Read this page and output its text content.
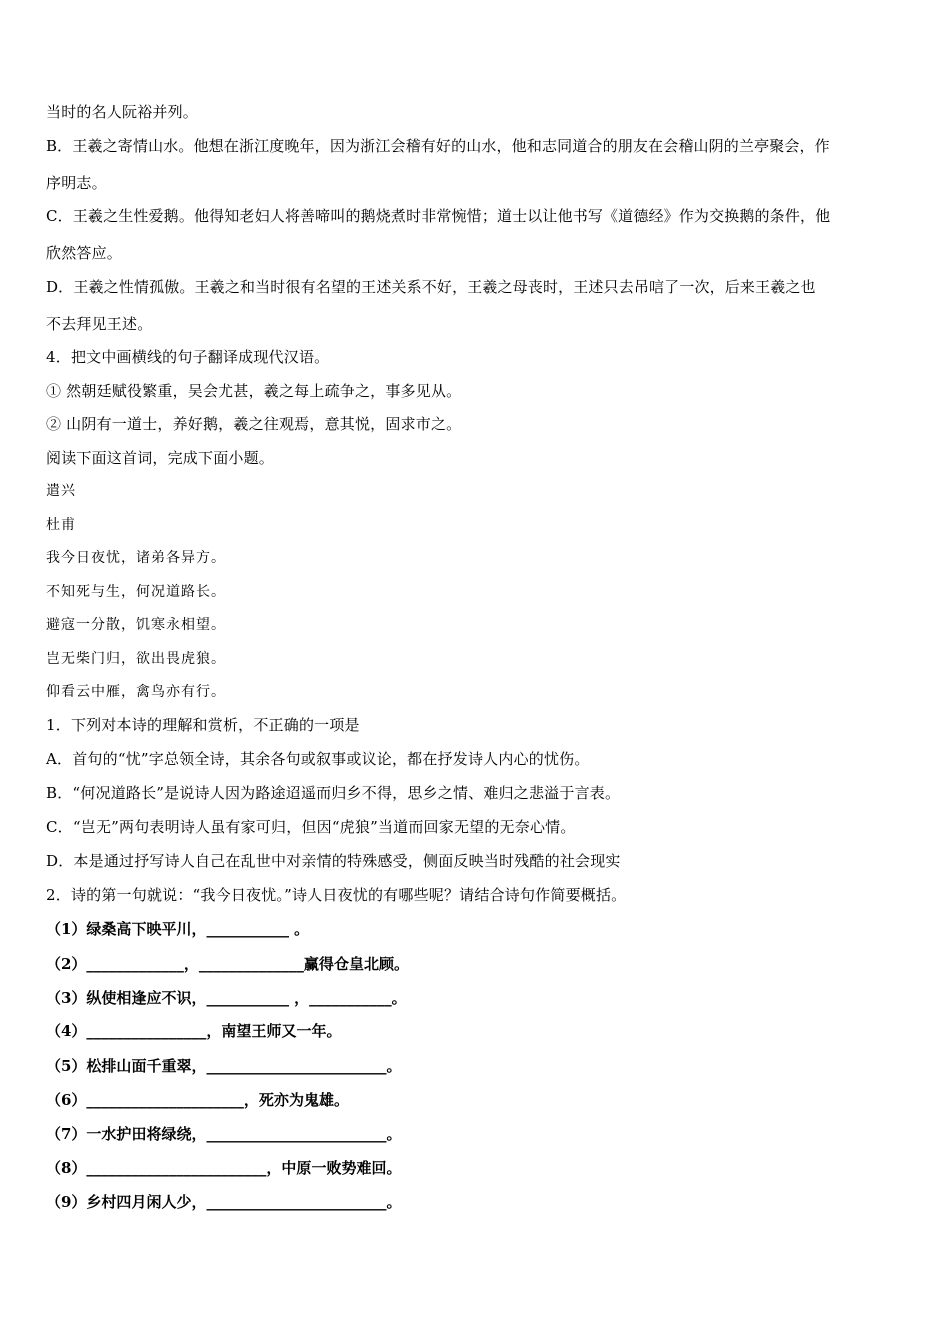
当时的名人阮裕并列。
B．王羲之寄情山水。他想在浙江度晚年，因为浙江会稽有好的山水，他和志同道合的朋友在会稽山阴的兰亭聚会，作
序明志。
C．王羲之生性爱鹅。他得知老妇人将善啼叫的鹅烧煮时非常惋惜；道士以让他书写《道德经》作为交换鹅的条件，他
欣然答应。
D．王羲之性情孤傲。王羲之和当时很有名望的王述关系不好，王羲之母丧时，王述只去吊唁了一次，后来王羲之也
不去拜见王述。
4．把文中画横线的句子翻译成现代汉语。
① 然朝廷赋役繁重，吴会尤甚，羲之每上疏争之，事多见从。
② 山阴有一道士，养好鹅，羲之往观焉，意其悦，固求市之。
阅读下面这首词，完成下面小题。
遣兴
杜甫
我今日夜忧，诸弟各异方。
不知死与生，何况道路长。
避寇一分散，饥寒永相望。
岂无柴门归，欲出畏虎狼。
仰看云中雁，禽鸟亦有行。
1．下列对本诗的理解和赏析，不正确的一项是
A．首句的“忧”字总领全诗，其余各句或叙事或议论，都在抒发诗人内心的忧伤。
B．“何况道路长”是说诗人因为路途迢遥而归乡不得，思乡之情、难归之悲溢于言表。
C．“岂无”两句表明诗人虽有家可归，但因“虎狼”当道而回家无望的无奈心情。
D．本是通过抒写诗人自己在乱世中对亲情的特殊感受，侧面反映当时残酷的社会现实
2．诗的第一句就说：“我今日夜忧。”诗人日夜忧的有哪些呢？请结合诗句作简要概括。
（1）绿桑高下映平川，___________ 。
（2）_____________，______________赢得仓皇北顾。
（3）纵使相逢应不识，___________ ，___________。
（4）________________，南望王师又一年。
（5）松排山面千重翠，________________________。
（6）_____________________，死亦为鬼雄。
（7）一水护田将绿绕，________________________。
（8）________________________，中原一败势难回。
（9）乡村四月闲人少，________________________。
